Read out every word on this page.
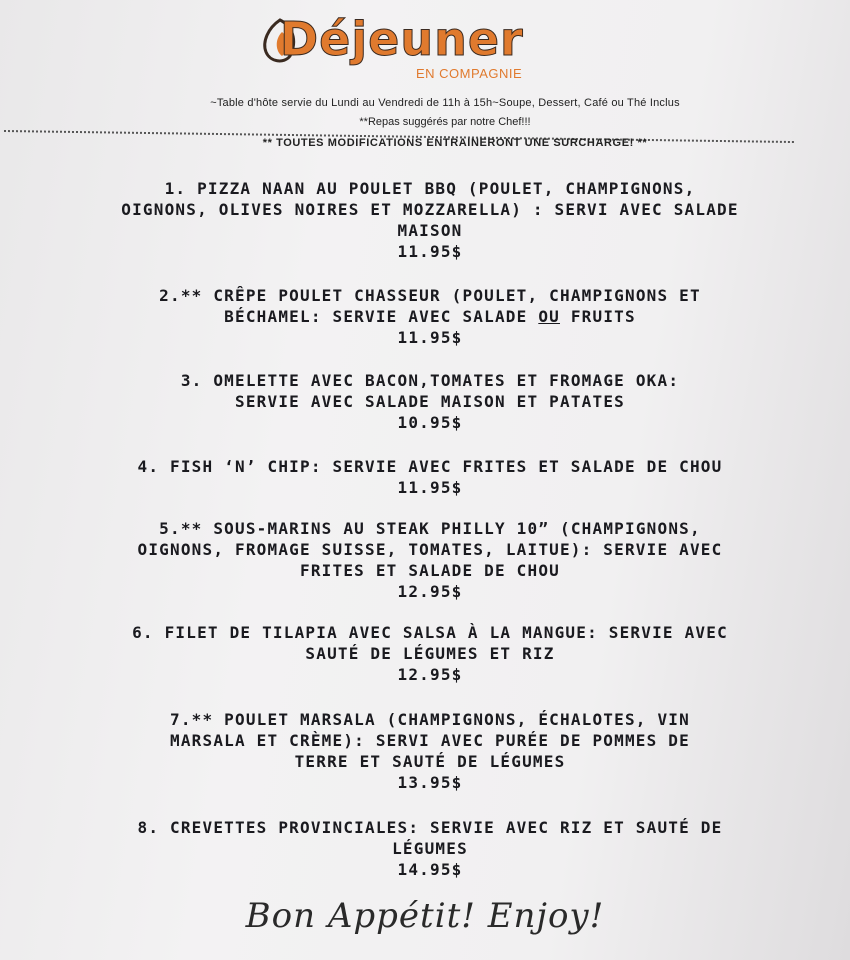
Déjeuner
EN COMPAGNIE
~Table d'hôte servie du Lundi au Vendredi de 11h à 15h~Soupe, Dessert, Café ou Thé Inclus
**Repas suggérés par notre Chef!!!
** TOUTES MODIFICATIONS ENTRAINERONT UNE SURCHARGE! **
1. PIZZA NAAN AU POULET BBQ (POULET, CHAMPIGNONS,
OIGNONS, OLIVES NOIRES ET MOZZARELLA) : SERVI AVEC SALADE
MAISON
11.95$
2.** CRÊPE POULET CHASSEUR (POULET, CHAMPIGNONS ET
BÉCHAMEL: SERVIE AVEC SALADE OU FRUITS
11.95$
3. OMELETTE AVEC BACON,TOMATES ET FROMAGE OKA:
SERVIE AVEC SALADE MAISON ET PATATES
10.95$
4. FISH ‘N’ CHIP: SERVIE AVEC FRITES ET SALADE DE CHOU
11.95$
5.** SOUS-MARINS AU STEAK PHILLY 10” (CHAMPIGNONS,
OIGNONS, FROMAGE SUISSE, TOMATES, LAITUE): SERVIE AVEC
FRITES ET SALADE DE CHOU
12.95$
6. FILET DE TILAPIA AVEC SALSA À LA MANGUE: SERVIE AVEC
SAUTÉ DE LÉGUMES ET RIZ
12.95$
7.** POULET MARSALA (CHAMPIGNONS, ÉCHALOTES, VIN
MARSALA ET CRÈME): SERVI AVEC PURÉE DE POMMES DE
TERRE ET SAUTÉ DE LÉGUMES
13.95$
8. CREVETTES PROVINCIALES: SERVIE AVEC RIZ ET SAUTÉ DE
LÉGUMES
14.95$
Bon Appétit! Enjoy!
